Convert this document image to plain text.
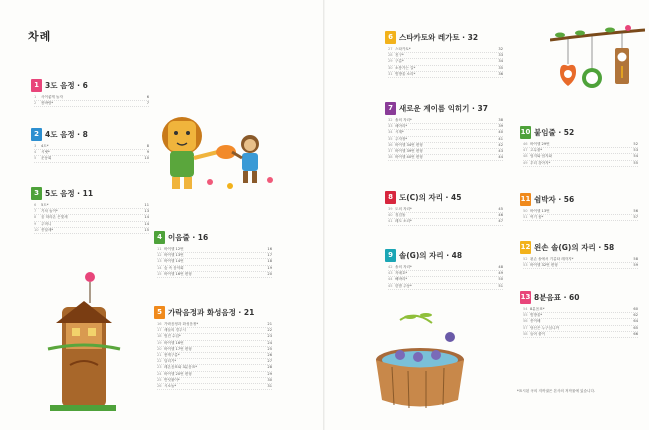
차례
1 3도 음정 · 6
1	사이좋게 놀자	6
2	봄바람*	7
2 4도 음정 · 8
3	4도*	8
4	시냇*	9
5	운동회	10
3 5도 음정 · 11
6	5도*	11
7	기차 놀이*	13
8	꿈 따라온 은빛새	14
9	주머니	14
10 종달새*	15
4 이음줄 · 16
11 바이엘 12번	16
12 바이엘 13번	17
13 바이엘 14번	18
14 숲 속 음악회	19
15 바이엘 16번 변형	20
5 가락음정과 화성음정 · 21
16 가락음정과 화성음정*	21
17 새들의 경주시	22
18 멋진 수업*	23
19 바이엘 16번	24
20 바이엘 17번 변형	25
21 뭉게구름*	26
22 달리기*	27
23 레온음표와 3분음표*	28
24 바이엘 20번 변형	29
25 반딧불이*	30
26 시소놀*	31
6 스타카토와 레가토 · 32
27 스타카토*	32
28 친구*	33
29 구름*	34
30 소풍가는 길*	35
31 빗방울 소리*	36
7 새로운 계이름 익히기 · 37
32 솔의 자리*	38
33 메아리*	39
34 시계*	40
35 주자장*	41
36 바이엘 34번 변형	42
37 바이엘 39번 변형	43
38 바이엘 40번 변형	44
8 도(C)의 자리 · 45
39 도의 자리*	45
40 징검돌	46
41 레도 소리*	47
9 솔(G)의 자리 · 48
42 솔의 자리*	48
43 자매호*	49
44 해바리*	50
45 한밤 주둥*	51
10 붙임줄 · 52
46 바이엘 29번	52
47 고무줄*	53
48 엄지와 엄지와	54
49 우리 강아지*	55
11 쉼박자 · 56
50 바이엘 13번	56
51 여기 꼼*	57
12 왼손 솔(G)의 자리 · 58
52 왼손 솔에서 기름타 레자지*	58
53 바이엘 32번 변형	59
13 8분음표 · 60
54 8분음표*	60
55 빗방울*	62
56 종이배	64
57 당신은 누구십니까	65
58 들어 줄이	66
*표시된 곡의 저작권은 본사의 저작물에 있습니다.
